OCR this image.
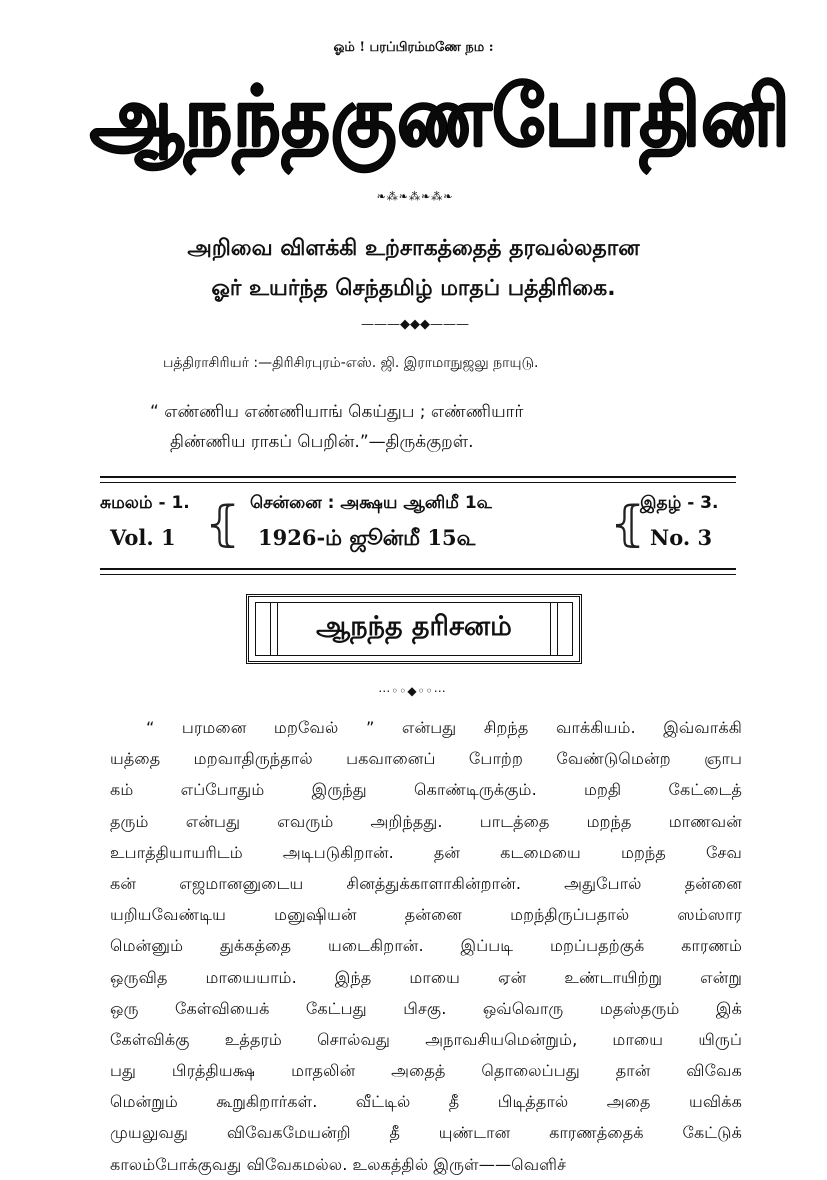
ஓம் ! பரப்பிரம்மணே நம :
ஆநந்தகுணபோதினி
❧⁂❧⁂❧⁂❧
அறிவை விளக்கி உற்சாகத்தைத் தரவல்லதான
ஓர் உயர்ந்த செந்தமிழ் மாதப் பத்திரிகை.
———◆◆◆———
பத்திராசிரியர் :—திரிசிரபுரம்-எஸ். ஜி. இராமாநுஜலு நாயுடு.
“ எண்ணிய எண்ணியாங் கெய்துப ; எண்ணியார்
திண்ணிய ராகப் பெறின்.”—திருக்குறள்.
சுமலம் - 1.
Vol. 1 ⦃ சென்னை : அக்ஷய ஆனிமீ 1௳
1926-ம் ஜூன்மீ 15௳	⦃
இதழ் - 3.
No. 3
ஆநந்த தரிசனம்
⋯◦◦◆◦◦⋯
“ பரமனை மறவேல் ” என்பது சிறந்த வாக்கியம். இவ்வாக்கி
யத்தை மறவாதிருந்தால் பகவானைப் போற்ற வேண்டுமென்ற ஞாப
கம் எப்போதும் இருந்து கொண்டிருக்கும். மறதி கேட்டைத்
தரும் என்பது எவரும் அறிந்தது. பாடத்தை மறந்த மாணவன்
உபாத்தியாயரிடம் அடிபடுகிறான். தன் கடமையை மறந்த சேவ
கன் எஜமானனுடைய சினத்துக்காளாகின்றான். அதுபோல் தன்னை
யறியவேண்டிய மனுஷியன் தன்னை மறந்திருப்பதால் ஸம்ஸார
மென்னும் துக்கத்தை யடைகிறான். இப்படி மறப்பதற்குக் காரணம்
ஒருவித மாயையாம். இந்த மாயை ஏன் உண்டாயிற்று என்று
ஒரு கேள்வியைக் கேட்பது பிசகு. ஒவ்வொரு மதஸ்தரும் இக்
கேள்விக்கு உத்தரம் சொல்வது அநாவசியமென்றும், மாயை யிருப்
பது பிரத்தியக்ஷ மாதலின் அதைத் தொலைப்பது தான் விவேக
மென்றும் கூறுகிறார்கள். வீட்டில் தீ பிடித்தால் அதை யவிக்க
முயலுவது விவேகமேயன்றி தீ யுண்டான காரணத்தைக் கேட்டுக்
காலம்போக்குவது விவேகமல்ல. உலகத்தில் இருள்——வெளிச்
